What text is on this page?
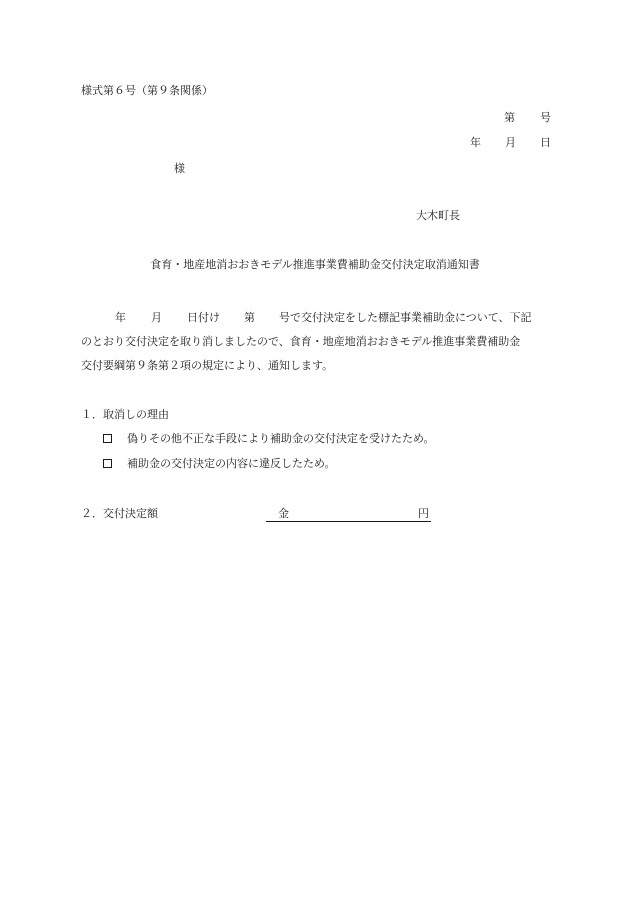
様式第６号（第９条関係）
第 号
年 月 日
様
大木町長
食育・地産地消おおきモデル推進事業費補助金交付決定取消通知書
年 月 日付け 第 号で交付決定をした標記事業補助金について、下記
のとおり交付決定を取り消しましたので、食育・地産地消おおきモデル推進事業費補助金
交付要綱第９条第２項の規定により、通知します。
１．取消しの理由
偽りその他不正な手段により補助金の交付決定を受けたため。
補助金の交付決定の内容に違反したため。
２．交付決定額	金	円
